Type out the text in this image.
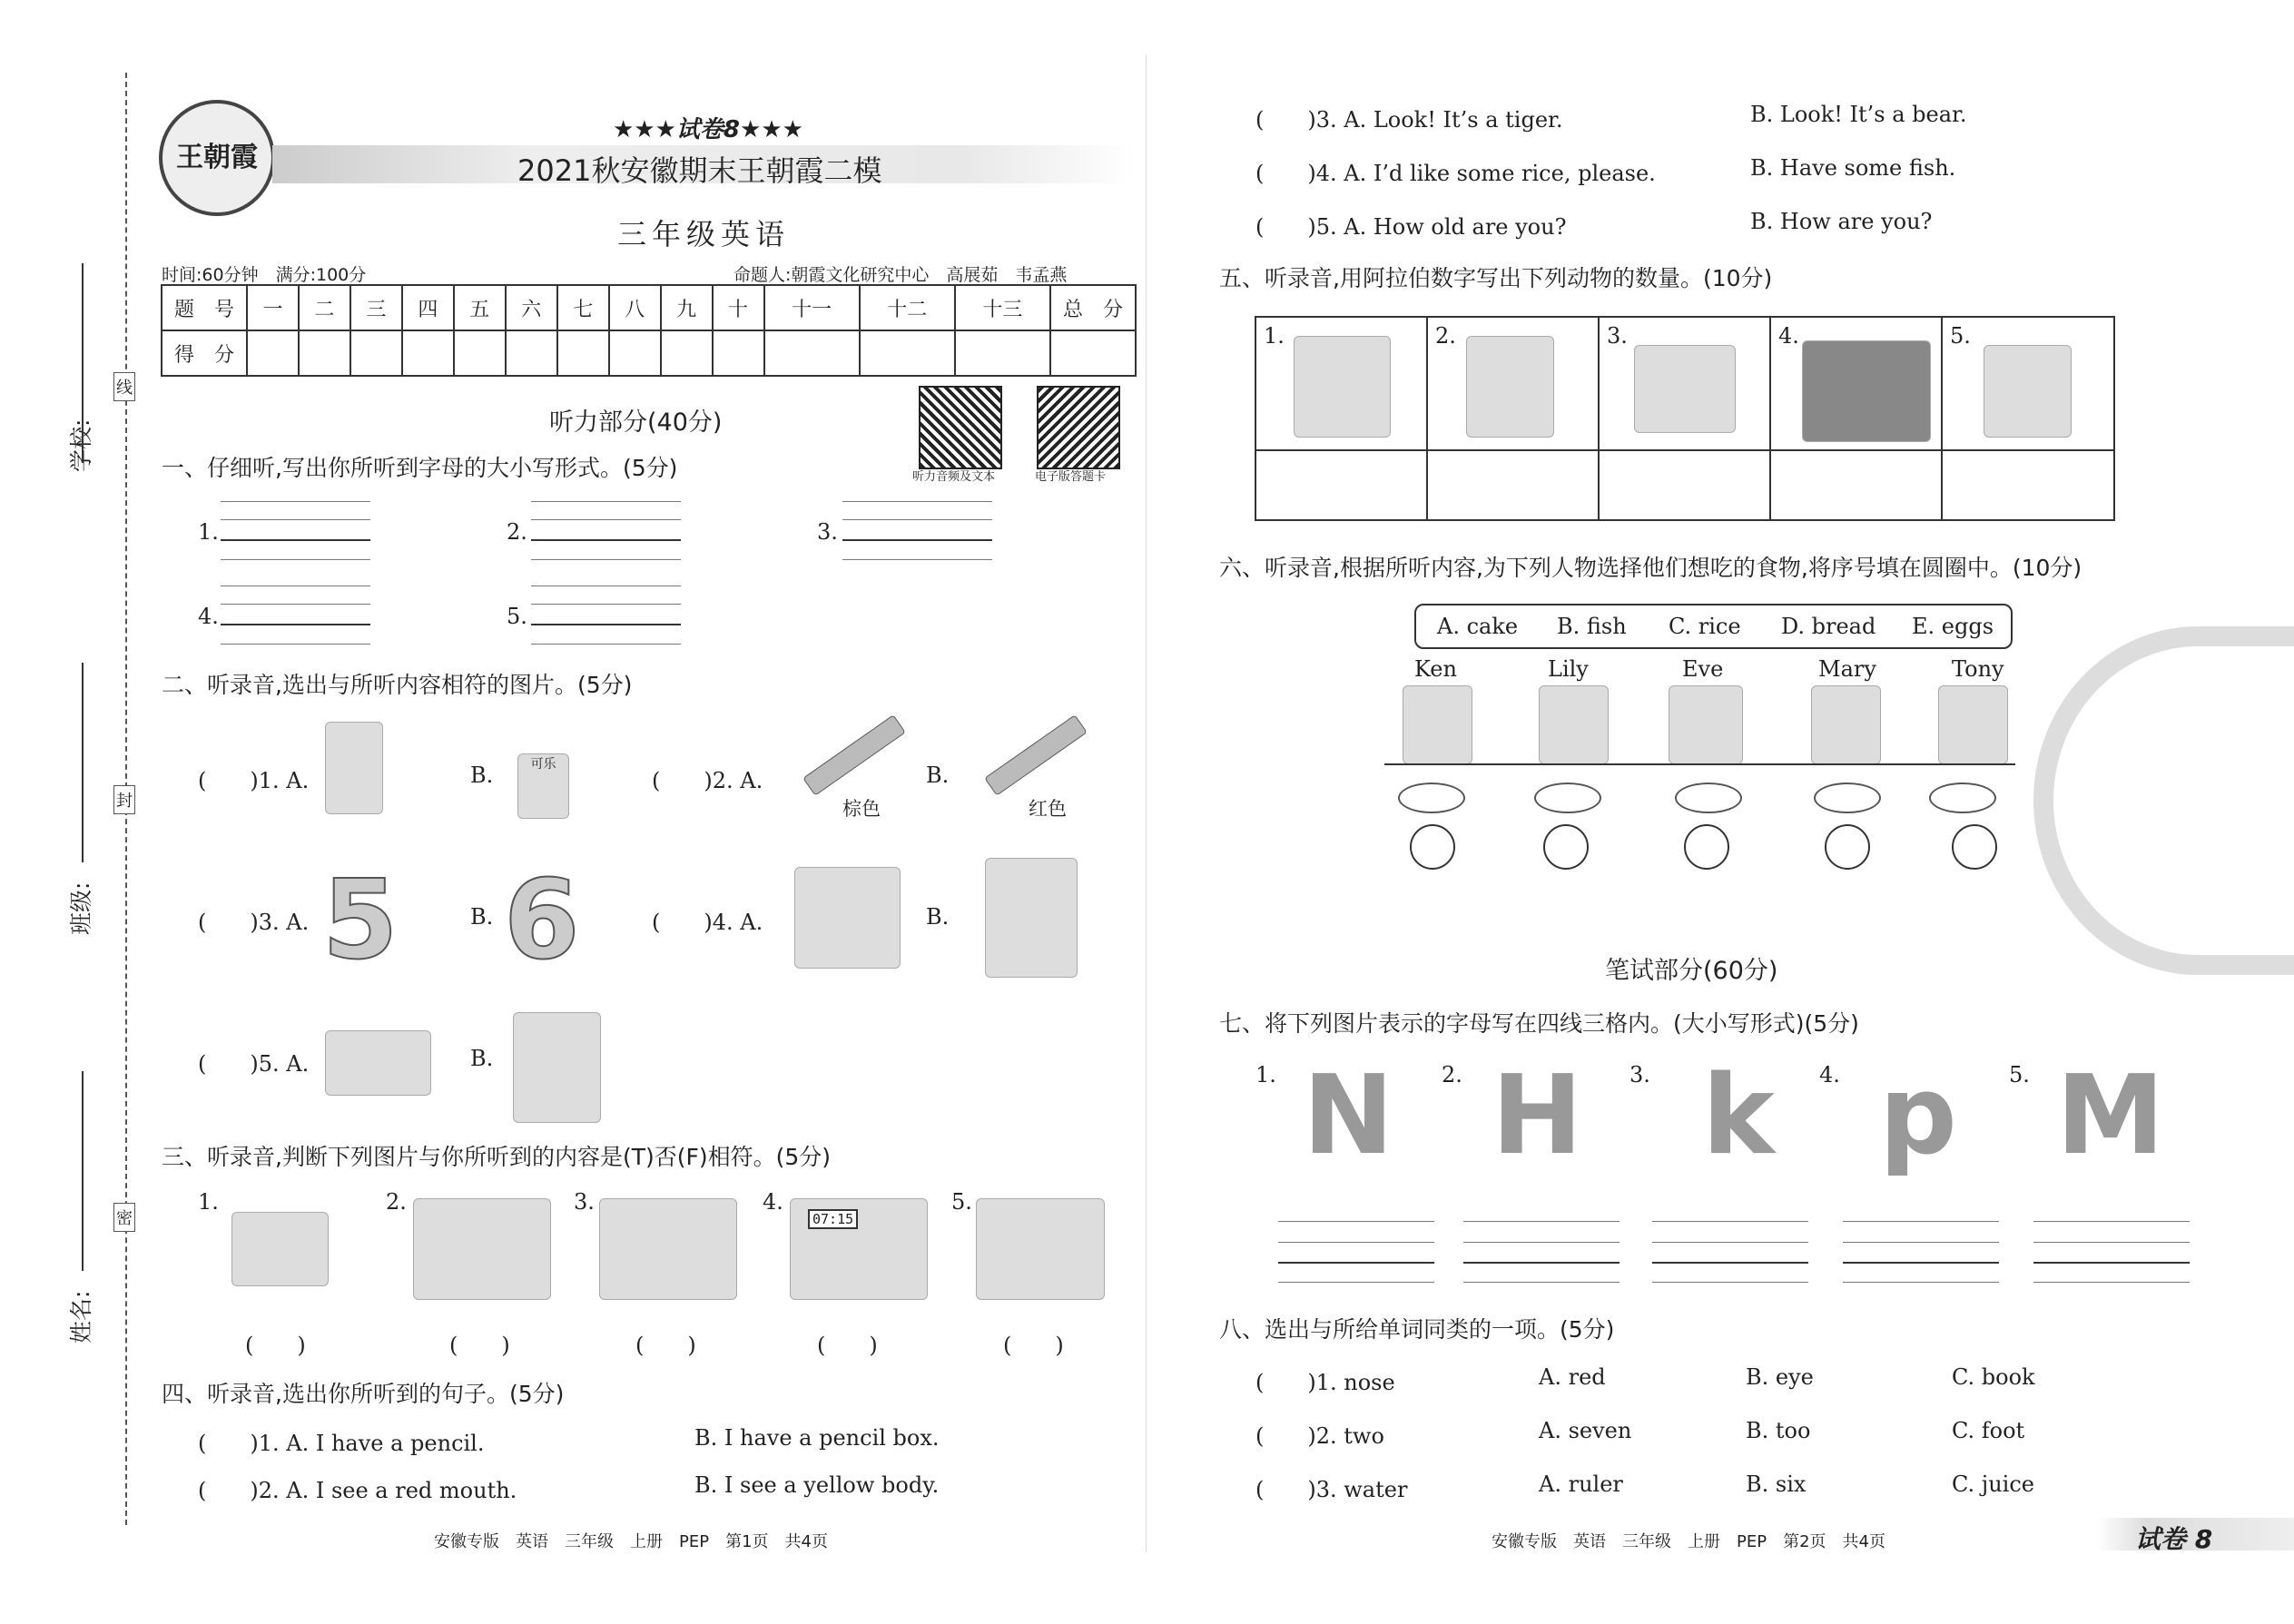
学校:
班级:
姓名:
线
封
密
王朝霞
★★★试卷8★★★
2021秋安徽期末王朝霞二模
三年级英语
时间:60分钟　满分:100分	命题人:朝霞文化研究中心　高展茹　韦孟燕
题　号	一	二	三	四	五	六	七	八	九	十	十一	十二	十三	总　分
得　分														
听力部分(40分)
听力音频及文本	电子版答题卡
一、仔细听,写出你所听到字母的大小写形式。(5分)
1.	2.	3.
4.	5.
二、听录音,选出与所听内容相符的图片。(5分)
(　　)1. A.	B.	可乐
(　　)2. A.
棕色
B.
红色
(　　)3. A. 5	B. 6	(　　)4. A.	B.
(　　)5. A.	B.
三、听录音,判断下列图片与你所听到的内容是(T)否(F)相符。(5分)
1.	2.	3.	4.
07:15
5.
(　　)	(　　)	(　　)	(　　)	(　　)
四、听录音,选出你所听到的句子。(5分)
(　　)1. A. I have a pencil.	B. I have a pencil box.
(　　)2. A. I see a red mouth.	B. I see a yellow body.
安徽专版　英语　三年级　上册　PEP　第1页　共4页
(　　)3. A. Look! It’s a tiger.	B. Look! It’s a bear.
(　　)4. A. I’d like some rice, please.	B. Have some fish.
(　　)5. A. How old are you?	B. How are you?
五、听录音,用阿拉伯数字写出下列动物的数量。(10分)
1.	2.	3.	4.	5.
六、听录音,根据所听内容,为下列人物选择他们想吃的食物,将序号填在圆圈中。(10分)
A. cake B. fish C. rice D. bread E. eggs
Ken	Lily	Eve	Mary	Tony
笔试部分(60分)
七、将下列图片表示的字母写在四线三格内。(大小写形式)(5分)
1.	2.	3.	4.	5.
N H k p M
八、选出与所给单词同类的一项。(5分)
(　　)1. nose	A. red	B. eye	C. book
(　　)2. two	A. seven	B. too	C. foot
(　　)3. water	A. ruler	B. six	C. juice
安徽专版　英语　三年级　上册　PEP　第2页　共4页	试卷 8
